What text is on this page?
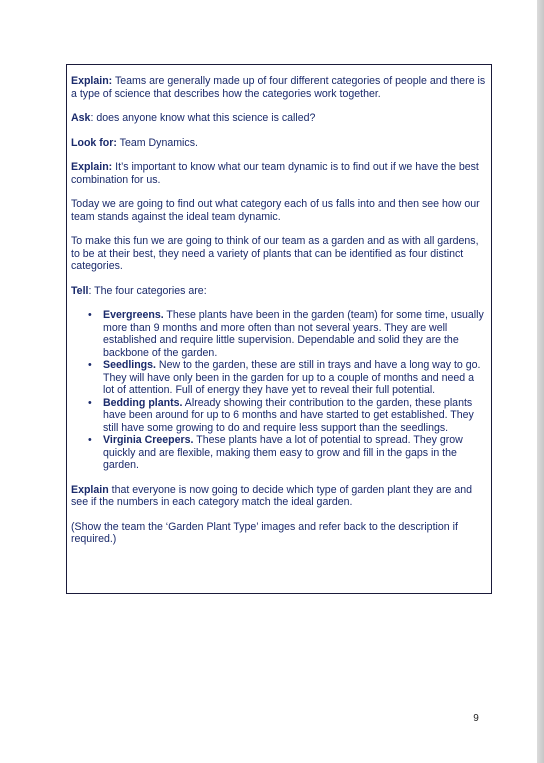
Explain: Teams are generally made up of four different categories of people and there is a type of science that describes how the categories work together.

Ask: does anyone know what this science is called?

Look for: Team Dynamics.

Explain: It’s important to know what our team dynamic is to find out if we have the best combination for us.

Today we are going to find out what category each of us falls into and then see how our team stands against the ideal team dynamic.

To make this fun we are going to think of our team as a garden and as with all gardens, to be at their best, they need a variety of plants that can be identified as four distinct categories.

Tell: The four categories are:

• Evergreens. These plants have been in the garden (team) for some time, usually more than 9 months and more often than not several years. They are well established and require little supervision. Dependable and solid they are the backbone of the garden.
• Seedlings. New to the garden, these are still in trays and have a long way to go. They will have only been in the garden for up to a couple of months and need a lot of attention. Full of energy they have yet to reveal their full potential.
• Bedding plants. Already showing their contribution to the garden, these plants have been around for up to 6 months and have started to get established. They still have some growing to do and require less support than the seedlings.
• Virginia Creepers. These plants have a lot of potential to spread. They grow quickly and are flexible, making them easy to grow and fill in the gaps in the garden.

Explain that everyone is now going to decide which type of garden plant they are and see if the numbers in each category match the ideal garden.

(Show the team the ‘Garden Plant Type’ images and refer back to the description if required.)

9
